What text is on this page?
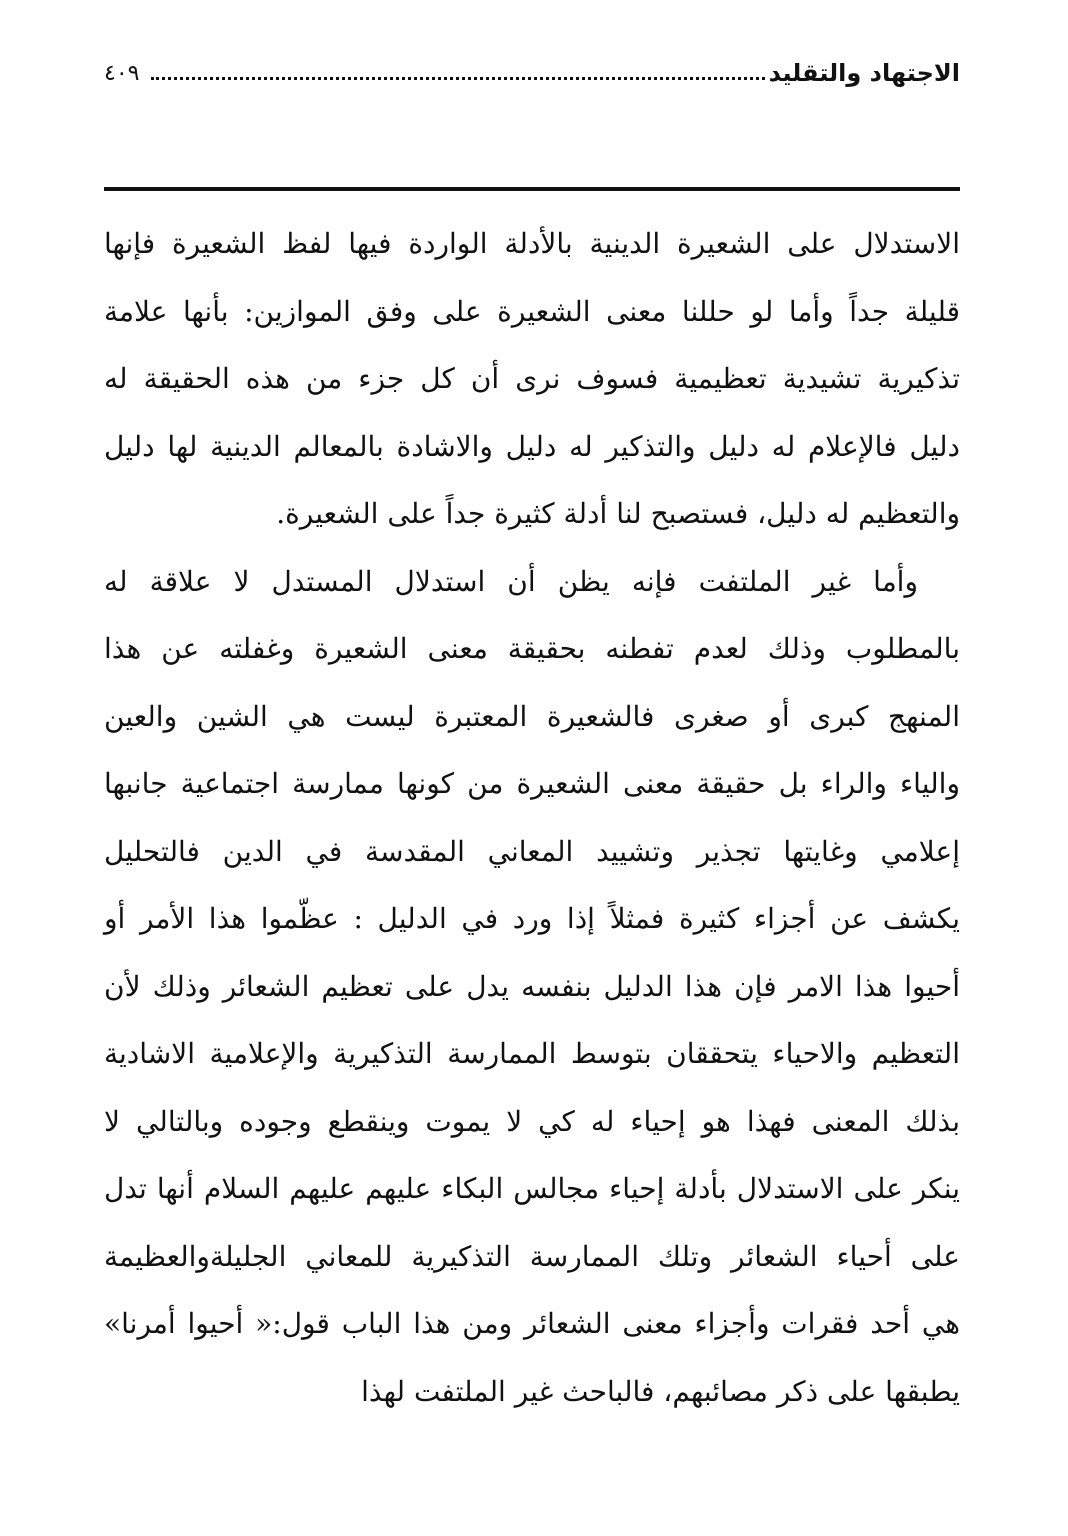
الاجتهاد والتقليد
٤٠٩

الاستدلال على الشعيرة الدينية بالأدلة الواردة فيها لفظ الشعيرة فإنها

قليلة جداً وأما لو حللنا معنى الشعيرة على وفق الموازين: بأنها علامة

تذكيرية تشيدية تعظيمية فسوف نرى أن كل جزء من هذه الحقيقة له

دليل فالإعلام له دليل والتذكير له دليل والاشادة بالمعالم الدينية لها دليل

والتعظيم له دليل، فستصبح لنا أدلة كثيرة جداً على الشعيرة.

وأما غير الملتفت فإنه يظن أن استدلال المستدل لا علاقة له

بالمطلوب وذلك لعدم تفطنه بحقيقة معنى الشعيرة وغفلته عن هذا

المنهج كبرى أو صغرى فالشعيرة المعتبرة ليست هي الشين والعين

والياء والراء بل حقيقة معنى الشعيرة من كونها ممارسة اجتماعية جانبها

إعلامي وغايتها تجذير وتشييد المعاني المقدسة في الدين فالتحليل

يكشف عن أجزاء كثيرة فمثلاً إذا ورد في الدليل : عظّموا هذا الأمر أو

أحيوا هذا الامر فإن هذا الدليل بنفسه يدل على تعظيم الشعائر وذلك لأن

التعظيم والاحياء يتحققان بتوسط الممارسة التذكيرية والإعلامية الاشادية

بذلك المعنى فهذا هو إحياء له كي لا يموت وينقطع وجوده وبالتالي لا

ينكر على الاستدلال بأدلة إحياء مجالس البكاء عليهم عليهم السلام أنها تدل

على أحياء الشعائر وتلك الممارسة التذكيرية للمعاني الجليلةوالعظيمة

هي أحد فقرات وأجزاء معنى الشعائر ومن هذا الباب قول:« أحيوا أمرنا»

يطبقها على ذكر مصائبهم، فالباحث غير الملتفت لهذا
